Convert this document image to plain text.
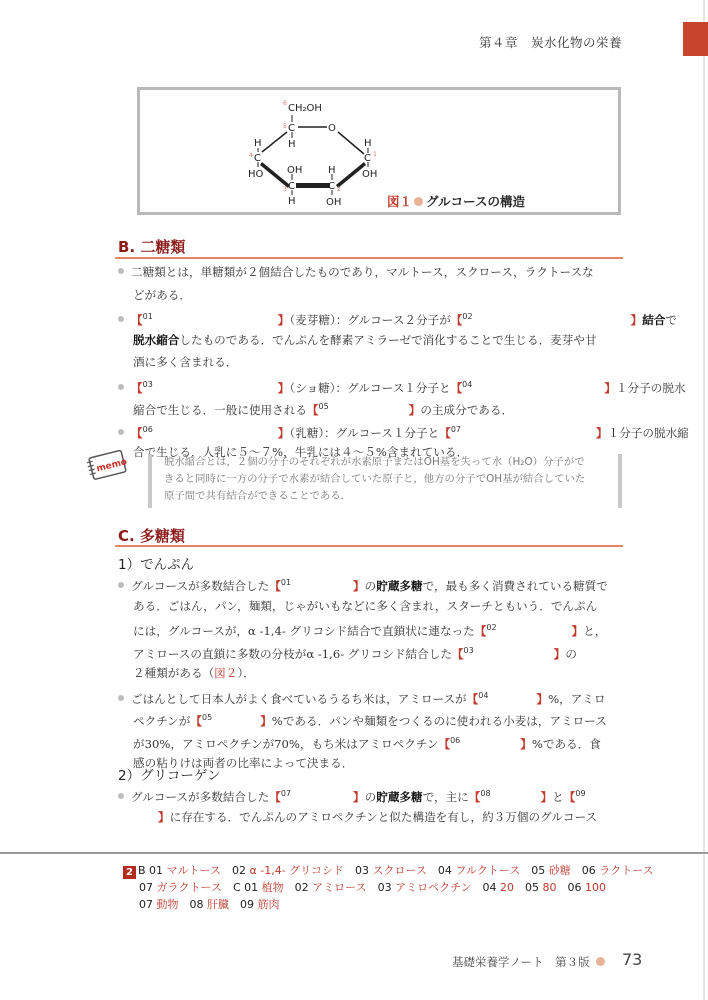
第４章　炭水化物の栄養
CH₂OH
O
C
H
H
C
HO OH
C
H
H
C
OH
H
C
OH
6
5
4
3	2
1
図１ グルコースの構造
B. 二糖類
二糖類とは，単糖類が２個結合したものであり，マルトース，スクロース，ラクトースな
どがある．
【$^{01}$	】（麦芽糖）：グルコース２分子が【$^{02}$	】結合で
脱水縮合したものである．でんぷんを酵素アミラーゼで消化することで生じる．麦芽や甘
酒に多く含まれる．
【$^{03}$	】（ショ糖）：グルコース１分子と【$^{04}$	】１分子の脱水
縮合で生じる．一般に使用される【$^{05}$	】の主成分である．
【$^{06}$	】（乳糖）：グルコース１分子と【$^{07}$	】１分子の脱水縮
合で生じる．人乳に５〜７%，牛乳には４〜５%含まれている．
memo	脱水縮合とは，２個の分子のそれぞれが水素原子またはOH基を失って水（H₂O）分子がで
きると同時に一方の分子で水素が結合していた原子と，他方の分子でOH基が結合していた
原子間で共有結合ができることである．
C. 多糖類
1）でんぷん
グルコースが多数結合した【$^{01}$	】の貯蔵多糖で，最も多く消費されている糖質で
ある．ごはん，パン，麺類，じゃがいもなどに多く含まれ，スターチともいう．でんぷん
には，グルコースが，α -1,4- グリコシド結合で直鎖状に連なった【$^{02}$	】と，
アミロースの直鎖に多数の分枝がα -1,6- グリコシド結合した【$^{03}$	】の
２種類がある（図２）．
ごはんとして日本人がよく食べているうるち米は，アミロースが【$^{04}$	】%，アミロ
ペクチンが【$^{05}$	】%である．パンや麺類をつくるのに使われる小麦は，アミロース
が30%，アミロペクチンが70%，もち米はアミロペクチン【$^{06}$	】%である．食
感の粘りけは両者の比率によって決まる．
2）グリコーゲン
グルコースが多数結合した【$^{07}$	】の貯蔵多糖で，主に【$^{08}$	】と【$^{09}$
】に存在する．でんぷんのアミロペクチンと似た構造を有し，約３万個のグルコース
2 B 01 マルトース 02 α -1,4- グリコシド 03 スクロース 04 フルクトース 05 砂糖 06 ラクトース
07 ガラクトース C 01 植物 02 アミロース 03 アミロペクチン 04 20 05 80 06 100
07 動物 08 肝臓 09 筋肉
基礎栄養学ノート　第３版	73
